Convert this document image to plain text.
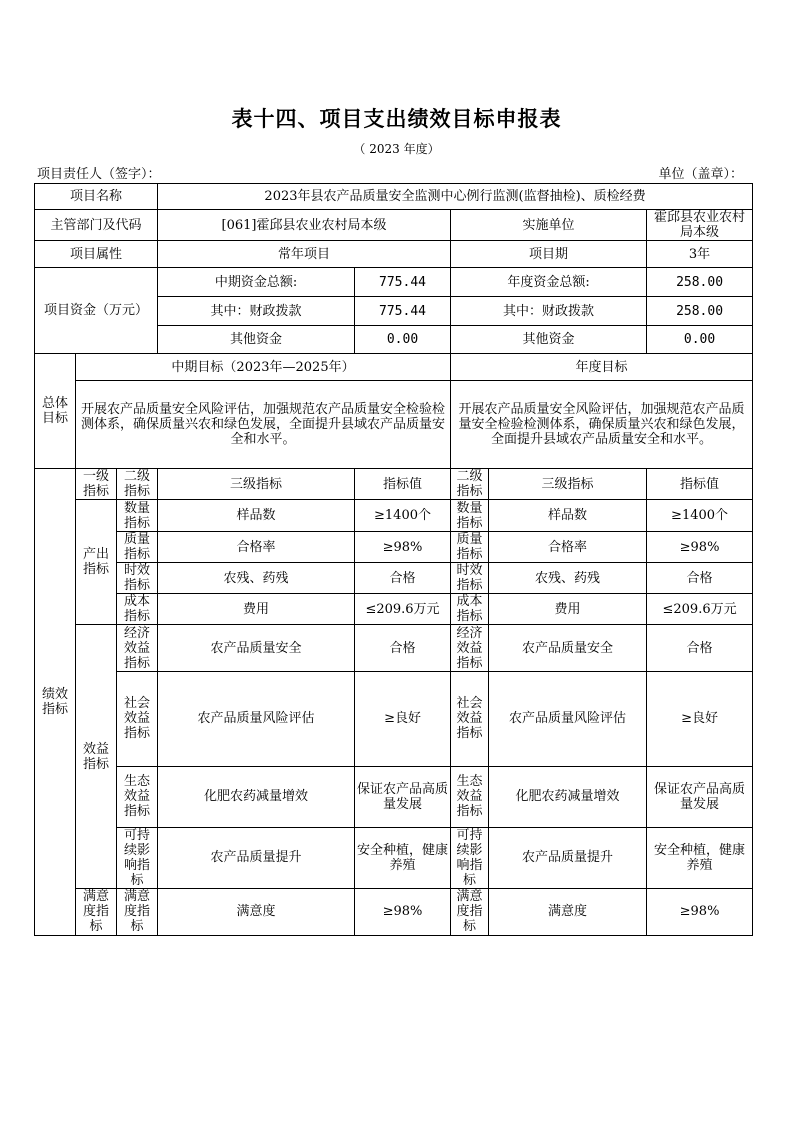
表十四、项目支出绩效目标申报表
（ 2023 年度）
项目责任人（签字）：	单位（盖章）：
项目名称			2023年县农产品质量安全监测中心例行监测(监督抽检)、质检经费				
主管部门及代码			[061]霍邱县农业农村局本级		实施单位		霍邱县农业农村局本级
项目属性			常年项目		项目期		3年
项目资金（万元）			中期资金总额:	775.44	年度资金总额:		258.00
			其中：财政拨款	775.44	其中：财政拨款		258.00
			其他资金	0.00	其他资金		0.00
总体目标	中期目标（2023年—2025年）				年度目标		
	开展农产品质量安全风险评估，加强规范农产品质量安全检验检测体系，确保质量兴农和绿色发展，全面提升县域农产品质量安全和水平。				开展农产品质量安全风险评估，加强规范农产品质量安全检验检测体系，确保质量兴农和绿色发展，全面提升县域农产品质量安全和水平。		
绩效指标	一级指标	二级指标	三级指标	指标值	二级指标	三级指标	指标值
	产出指标	数量指标	样品数	≥1400个	数量指标	样品数	≥1400个
		质量指标	合格率	≥98%	质量指标	合格率	≥98%
		时效指标	农残、药残	合格	时效指标	农残、药残	合格
		成本指标	费用	≤209.6万元	成本指标	费用	≤209.6万元
	效益指标	经济效益指标	农产品质量安全	合格	经济效益指标	农产品质量安全	合格
		社会效益指标	农产品质量风险评估	≥良好	社会效益指标	农产品质量风险评估	≥良好
		生态效益指标	化肥农药减量增效	保证农产品高质量发展	生态效益指标	化肥农药减量增效	保证农产品高质量发展
		可持续影响指标	农产品质量提升	安全种植，健康养殖	可持续影响指标	农产品质量提升	安全种植，健康养殖
	满意度指标	满意度指标	满意度	≥98%	满意度指标	满意度	≥98%
